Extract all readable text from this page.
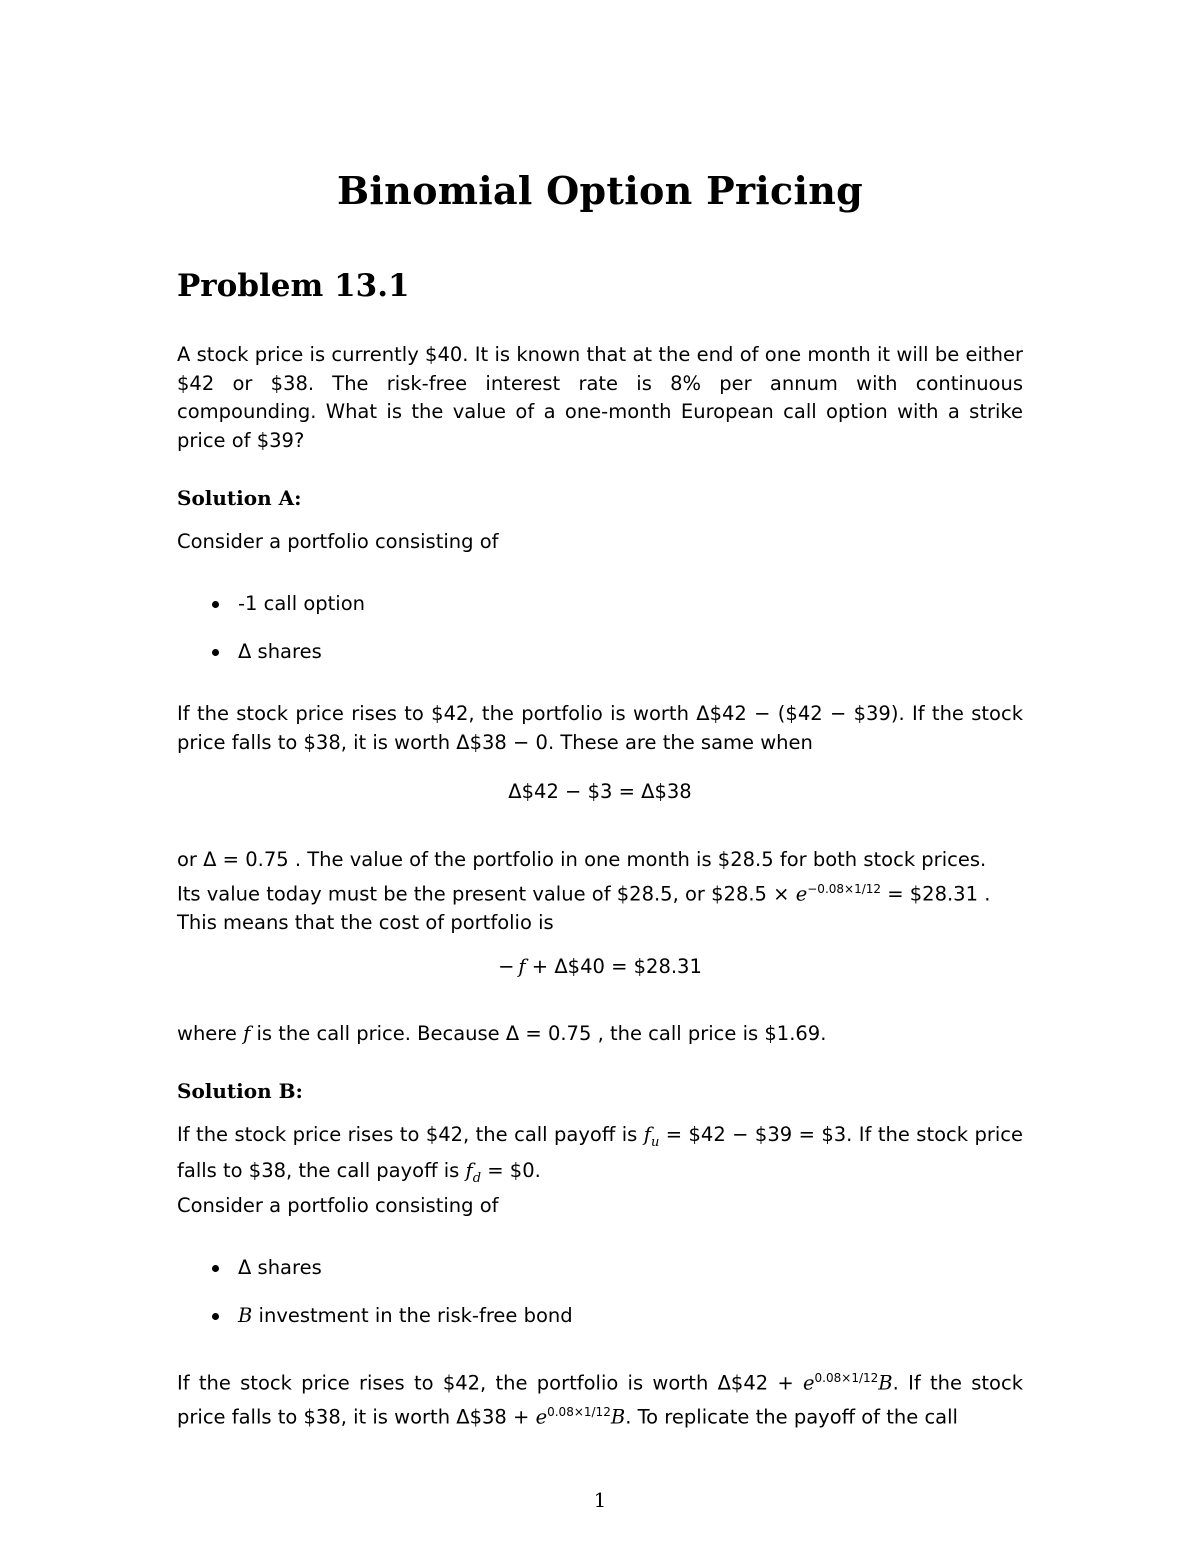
Binomial Option Pricing
Problem 13.1
A stock price is currently $40. It is known that at the end of one month it will be either $42 or $38. The risk-free interest rate is 8% per annum with continuous compounding. What is the value of a one-month European call option with a strike price of $39?
Solution A:
Consider a portfolio consisting of
-1 call option
Δ shares
If the stock price rises to $42, the portfolio is worth Δ$42 − ($42 − $39). If the stock price falls to $38, it is worth Δ$38 − 0. These are the same when
Δ$42 − $3 = Δ$38
or Δ = 0.75 . The value of the portfolio in one month is $28.5 for both stock prices.
Its value today must be the present value of $28.5, or $28.5 × $e^{-0.08\times 1/12}$ = $28.31 .
This means that the cost of portfolio is
− f + Δ$40 = $28.31
where f is the call price. Because Δ = 0.75 , the call price is $1.69.
Solution B:
If the stock price rises to $42, the call payoff is $f_u$ = $42 − $39 = $3. If the stock price falls to $38, the call payoff is $f_d$ = $0.
Consider a portfolio consisting of
Δ shares
B investment in the risk-free bond
If the stock price rises to $42, the portfolio is worth Δ$42 + $e^{0.08\times 1/12}B$. If the stock price falls to $38, it is worth Δ$38 + $e^{0.08\times 1/12}B$. To replicate the payoff of the call
1
